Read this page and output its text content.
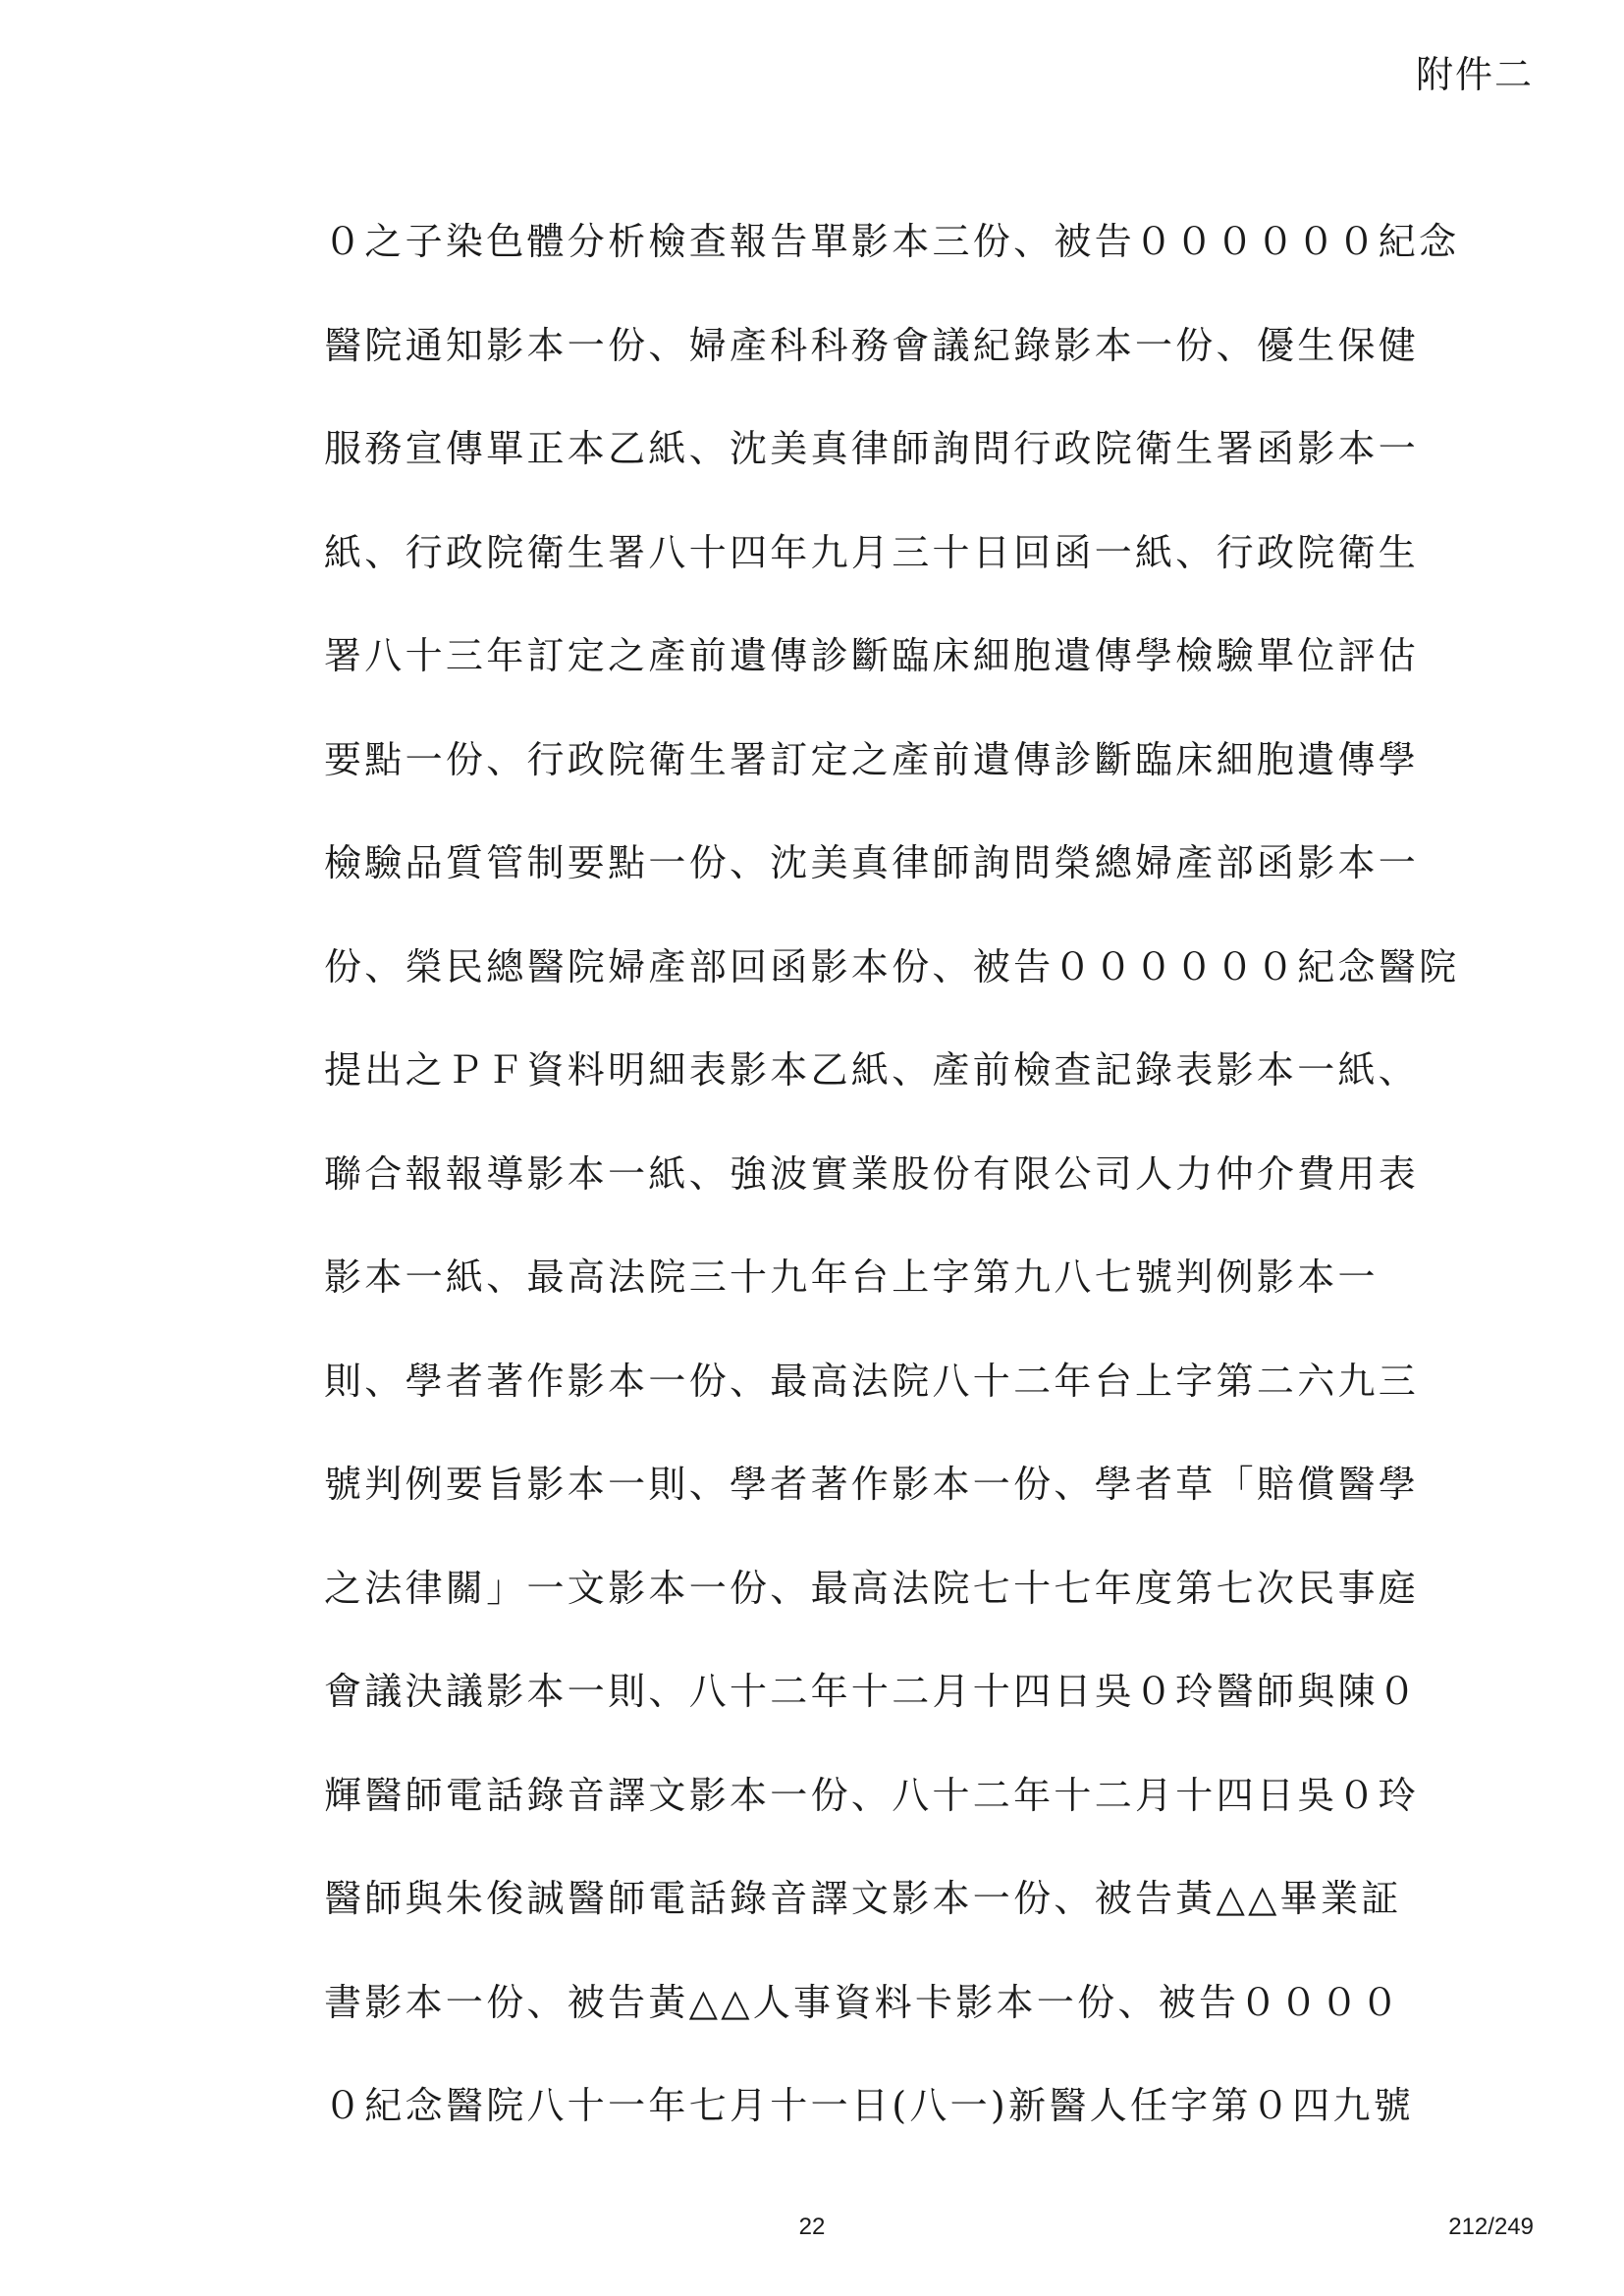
附件二
０之子染色體分析檢查報告單影本三份、被告００００００紀念
醫院通知影本一份、婦產科科務會議紀錄影本一份、優生保健
服務宣傳單正本乙紙、沈美真律師詢問行政院衛生署函影本一
紙、行政院衛生署八十四年九月三十日回函一紙、行政院衛生
署八十三年訂定之產前遺傳診斷臨床細胞遺傳學檢驗單位評估
要點一份、行政院衛生署訂定之產前遺傳診斷臨床細胞遺傳學
檢驗品質管制要點一份、沈美真律師詢問榮總婦產部函影本一
份、榮民總醫院婦產部回函影本份、被告００００００紀念醫院
提出之ＰＦ資料明細表影本乙紙、產前檢查記錄表影本一紙、
聯合報報導影本一紙、強波實業股份有限公司人力仲介費用表
影本一紙、最高法院三十九年台上字第九八七號判例影本一
則、學者著作影本一份、最高法院八十二年台上字第二六九三
號判例要旨影本一則、學者著作影本一份、學者草「賠償醫學
之法律關」一文影本一份、最高法院七十七年度第七次民事庭
會議決議影本一則、八十二年十二月十四日吳０玲醫師與陳０
輝醫師電話錄音譯文影本一份、八十二年十二月十四日吳０玲
醫師與朱俊誠醫師電話錄音譯文影本一份、被告黃△△畢業証
書影本一份、被告黃△△人事資料卡影本一份、被告００００
０紀念醫院八十一年七月十一日(八一)新醫人任字第０四九號
22	212/249
